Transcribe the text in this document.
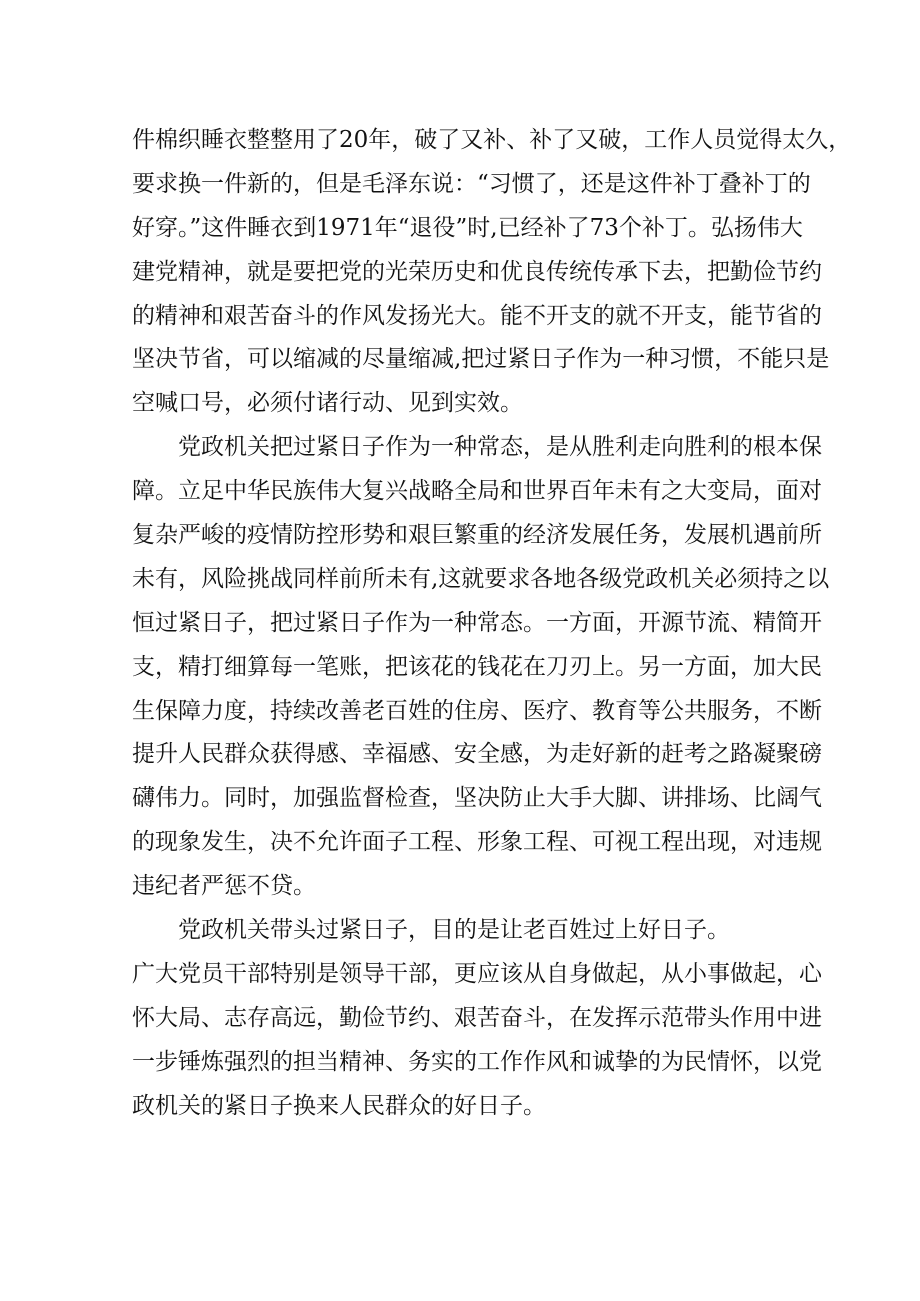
件棉织睡衣整整用了20年，破了又补、补了又破，工作人员觉得太久，
要求换一件新的，但是毛泽东说：“习惯了，还是这件补丁叠补丁的
好穿。”这件睡衣到1971年“退役”时,已经补了73个补丁。弘扬伟大
建党精神，就是要把党的光荣历史和优良传统传承下去，把勤俭节约
的精神和艰苦奋斗的作风发扬光大。能不开支的就不开支，能节省的
坚决节省，可以缩减的尽量缩减,把过紧日子作为一种习惯，不能只是
空喊口号，必须付诸行动、见到实效。
党政机关把过紧日子作为一种常态，是从胜利走向胜利的根本保
障。立足中华民族伟大复兴战略全局和世界百年未有之大变局，面对
复杂严峻的疫情防控形势和艰巨繁重的经济发展任务，发展机遇前所
未有，风险挑战同样前所未有,这就要求各地各级党政机关必须持之以
恒过紧日子，把过紧日子作为一种常态。一方面，开源节流、精简开
支，精打细算每一笔账，把该花的钱花在刀刃上。另一方面，加大民
生保障力度，持续改善老百姓的住房、医疗、教育等公共服务，不断
提升人民群众获得感、幸福感、安全感，为走好新的赶考之路凝聚磅
礴伟力。同时，加强监督检查，坚决防止大手大脚、讲排场、比阔气
的现象发生，决不允许面子工程、形象工程、可视工程出现，对违规
违纪者严惩不贷。
党政机关带头过紧日子，目的是让老百姓过上好日子。
广大党员干部特别是领导干部，更应该从自身做起，从小事做起，心
怀大局、志存高远，勤俭节约、艰苦奋斗，在发挥示范带头作用中进
一步锤炼强烈的担当精神、务实的工作作风和诚挚的为民情怀，以党
政机关的紧日子换来人民群众的好日子。
